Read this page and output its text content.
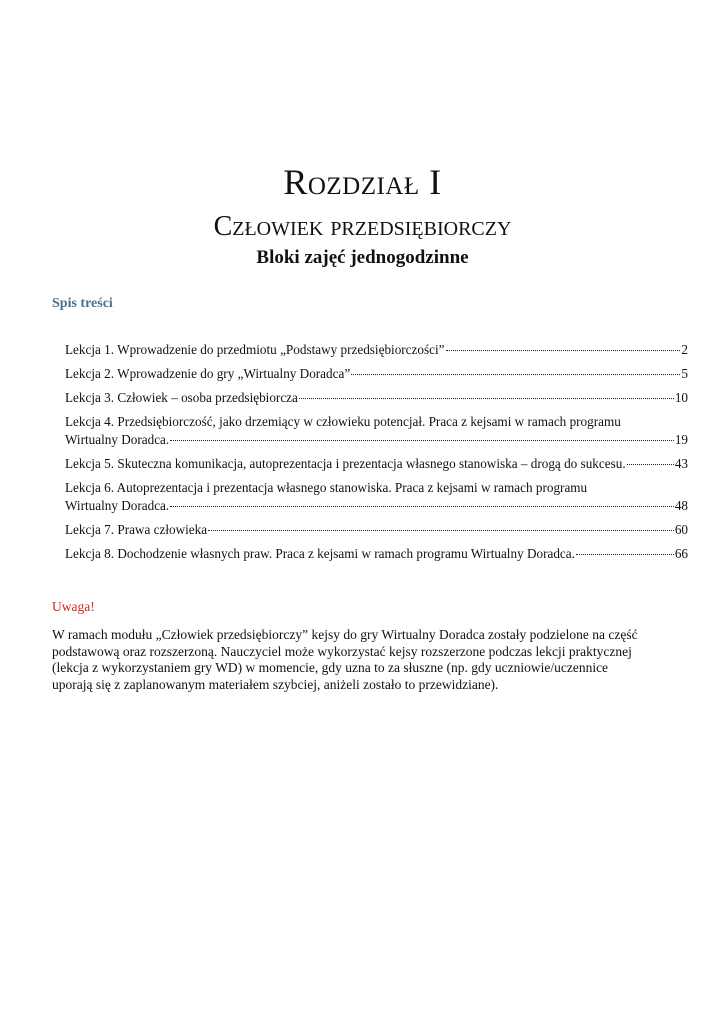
Rozdział I
Człowiek przedsiębiorczy
Bloki zajęć jednogodzinne
Spis treści
Lekcja 1. Wprowadzenie do przedmiotu „Podstawy przedsiębiorczości”	2
Lekcja 2. Wprowadzenie do gry „Wirtualny Doradca”	5
Lekcja 3. Człowiek – osoba przedsiębiorcza	10
Lekcja 4. Przedsiębiorczość, jako drzemiący w człowieku potencjał. Praca z kejsami w ramach programu
Wirtualny Doradca.	19
Lekcja 5. Skuteczna komunikacja, autoprezentacja i prezentacja własnego stanowiska – drogą do sukcesu.	43
Lekcja 6. Autoprezentacja i prezentacja własnego stanowiska. Praca z kejsami w ramach programu
Wirtualny Doradca.	48
Lekcja 7. Prawa człowieka	60
Lekcja 8. Dochodzenie własnych praw. Praca z kejsami w ramach programu Wirtualny Doradca.	66

Uwaga!

W ramach modułu „Człowiek przedsiębiorczy” kejsy do gry Wirtualny Doradca zostały podzielone na część
podstawową oraz rozszerzoną. Nauczyciel może wykorzystać kejsy rozszerzone podczas lekcji praktycznej
(lekcja z wykorzystaniem gry WD) w momencie, gdy uzna to za słuszne (np. gdy uczniowie/uczennice
uporają się z zaplanowanym materiałem szybciej, aniżeli zostało to przewidziane).
